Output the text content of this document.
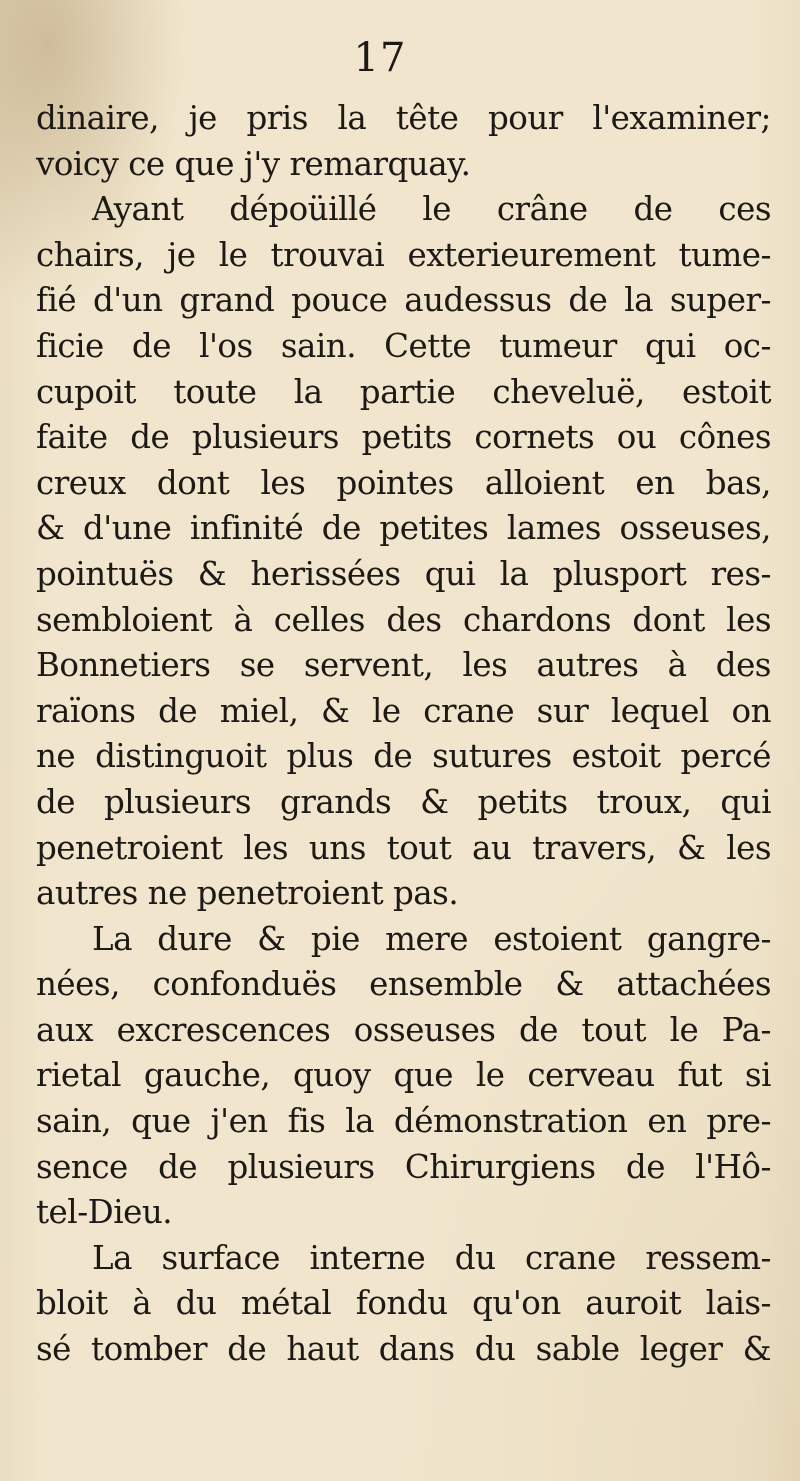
17
dinaire, je pris la tête pour l'examiner;
voicy ce que j'y remarquay.
Ayant dépoüillé le crâne de ces
chairs, je le trouvai exterieurement tume-
fié d'un grand pouce audessus de la super-
ficie de l'os sain. Cette tumeur qui oc-
cupoit toute la partie cheveluë, estoit
faite de plusieurs petits cornets ou cônes
creux dont les pointes alloient en bas,
& d'une infinité de petites lames osseuses,
pointuës & herissées qui la plusport res-
sembloient à celles des chardons dont les
Bonnetiers se servent, les autres à des
raïons de miel, & le crane sur lequel on
ne distinguoit plus de sutures estoit percé
de plusieurs grands & petits troux, qui
penetroient les uns tout au travers, & les
autres ne penetroient pas.
La dure & pie mere estoient gangre-
nées, confonduës ensemble & attachées
aux excrescences osseuses de tout le Pa-
rietal gauche, quoy que le cerveau fut si
sain, que j'en fis la démonstration en pre-
sence de plusieurs Chirurgiens de l'Hô-
tel-Dieu.
La surface interne du crane ressem-
bloit à du métal fondu qu'on auroit lais-
sé tomber de haut dans du sable leger &
